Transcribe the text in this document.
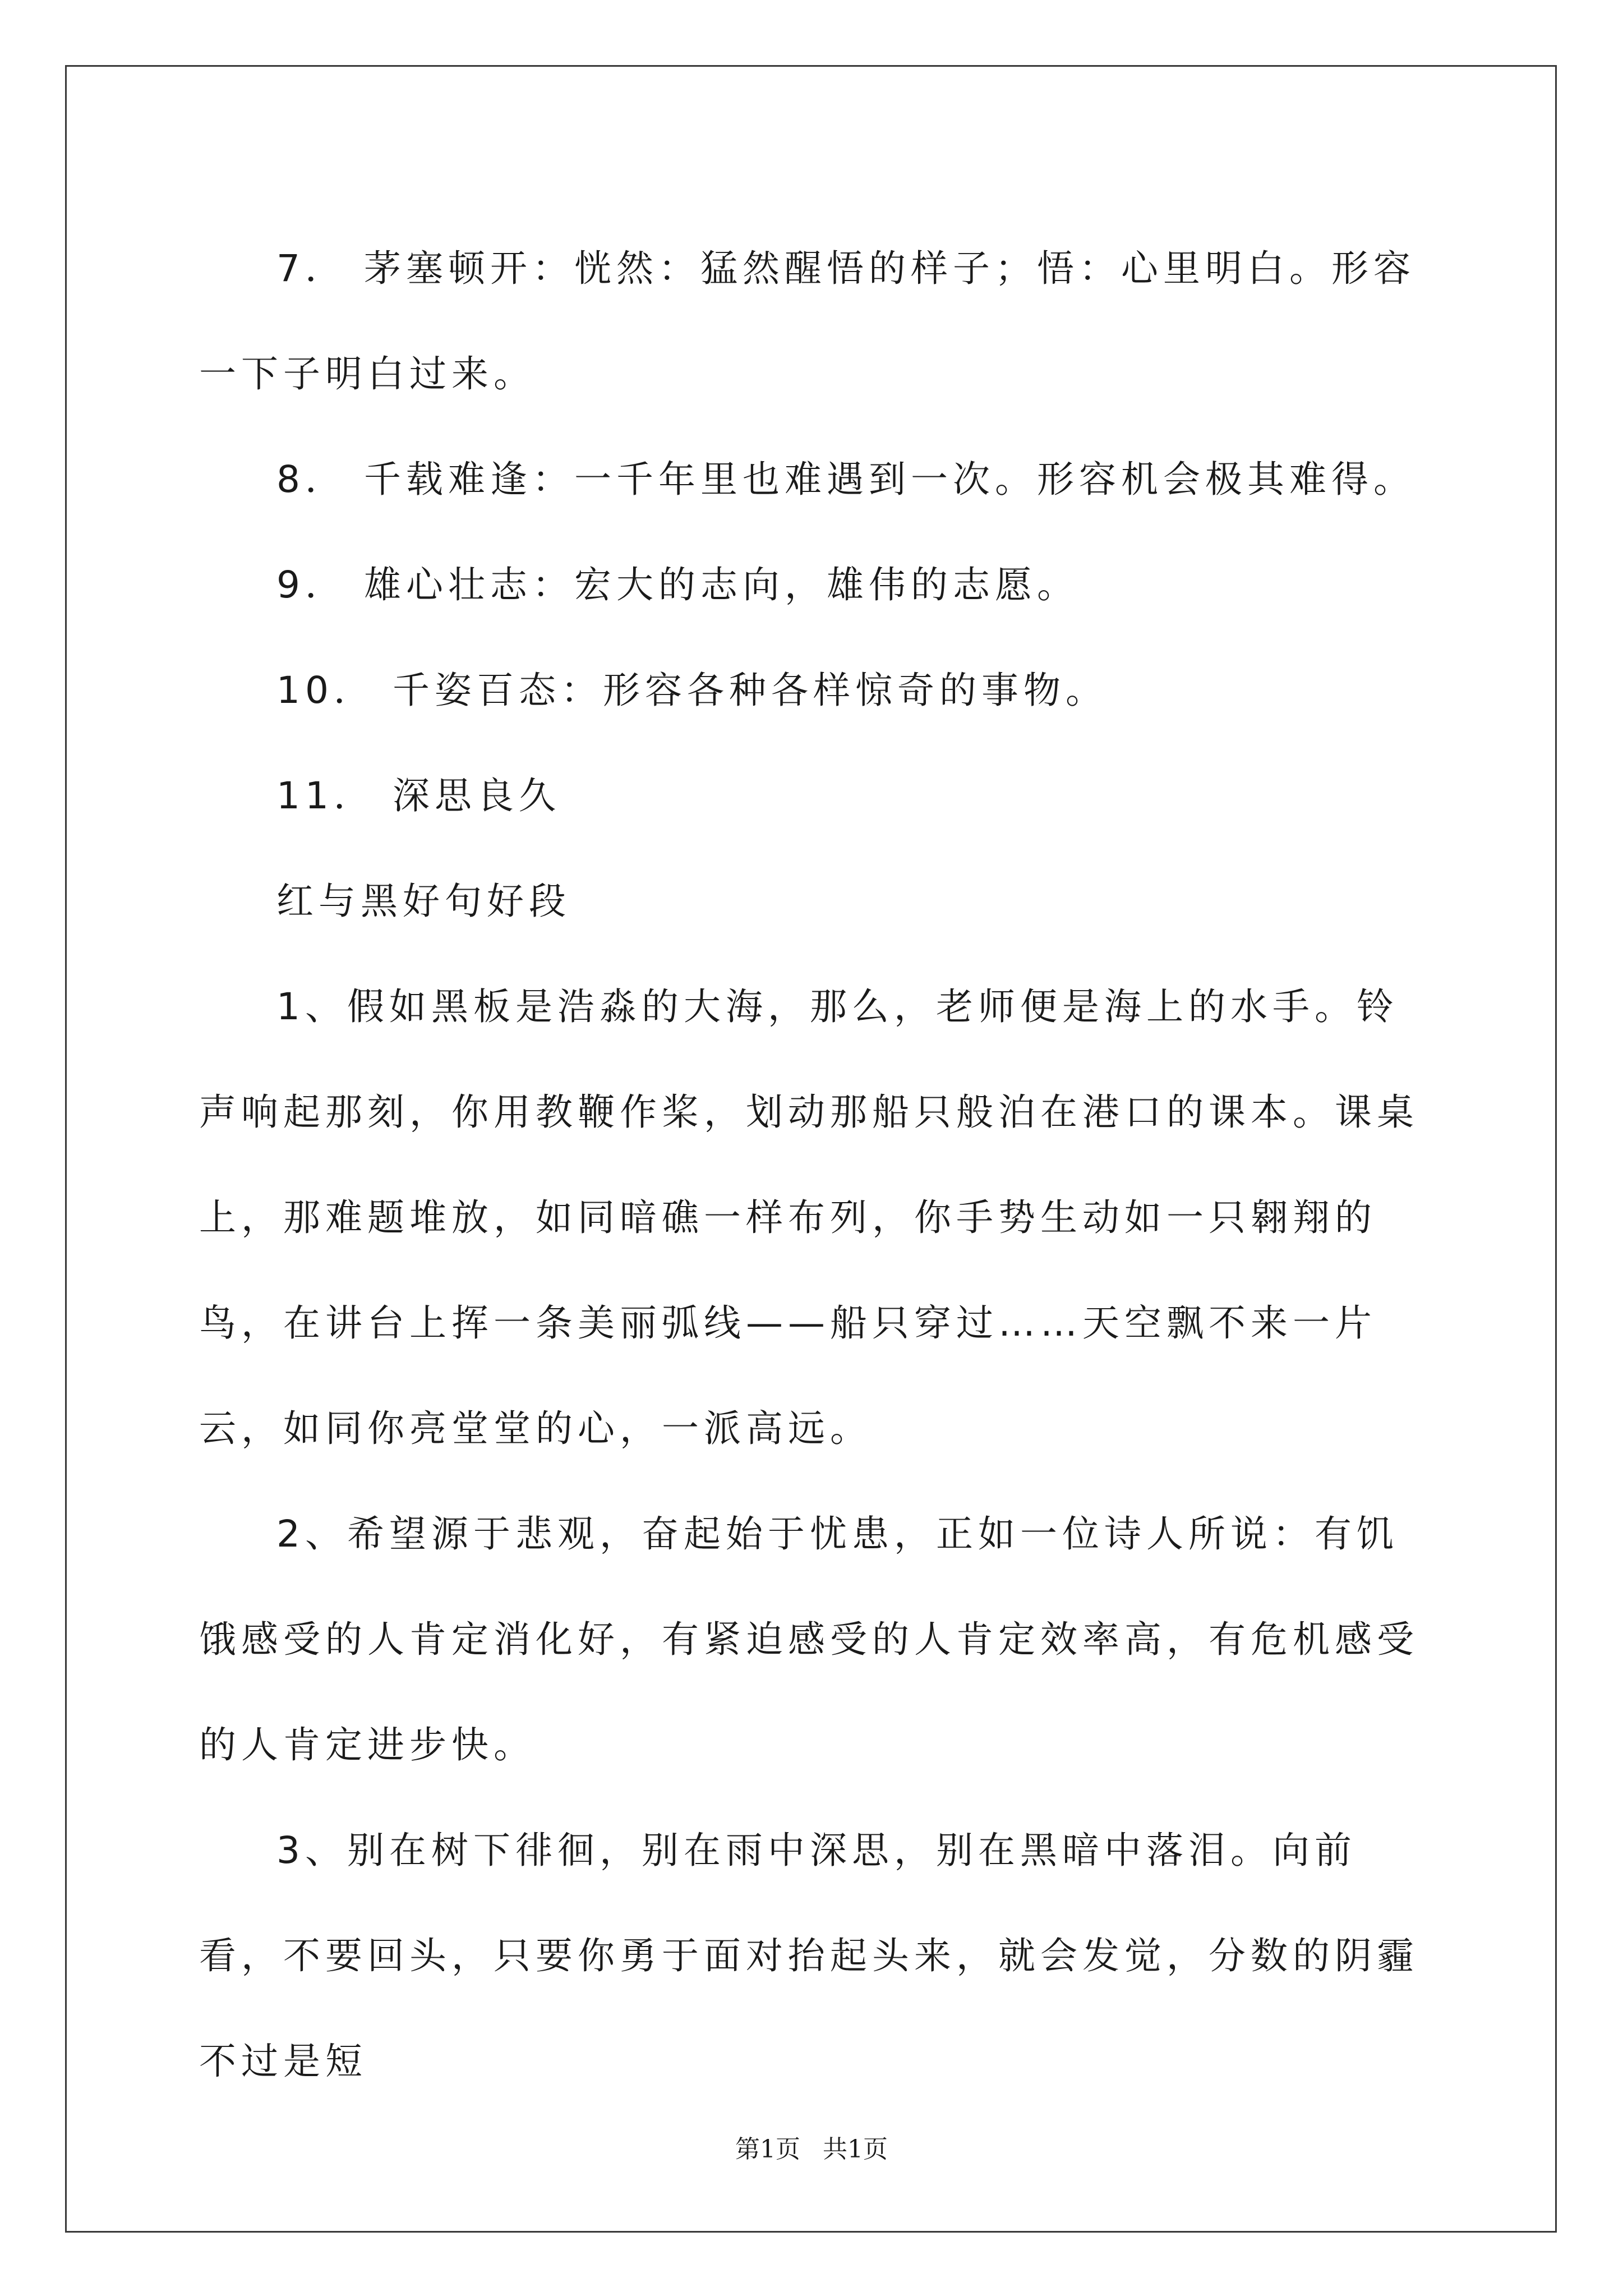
7． 茅塞顿开：恍然：猛然醒悟的样子；悟：心里明白。形容一下子明白过来。

8． 千载难逢：一千年里也难遇到一次。形容机会极其难得。

9． 雄心壮志：宏大的志向，雄伟的志愿。

10． 千姿百态：形容各种各样惊奇的事物。

11． 深思良久

红与黑好句好段

1、假如黑板是浩淼的大海，那么，老师便是海上的水手。铃声响起那刻，你用教鞭作桨，划动那船只般泊在港口的课本。课桌上，那难题堆放，如同暗礁一样布列，你手势生动如一只翱翔的鸟，在讲台上挥一条美丽弧线——船只穿过……天空飘不来一片云，如同你亮堂堂的心，一派高远。

2、希望源于悲观，奋起始于忧患，正如一位诗人所说：有饥饿感受的人肯定消化好，有紧迫感受的人肯定效率高，有危机感受的人肯定进步快。

3、别在树下徘徊，别在雨中深思，别在黑暗中落泪。向前看，不要回头，只要你勇于面对抬起头来，就会发觉，分数的阴霾不过是短

第1页 共1页
